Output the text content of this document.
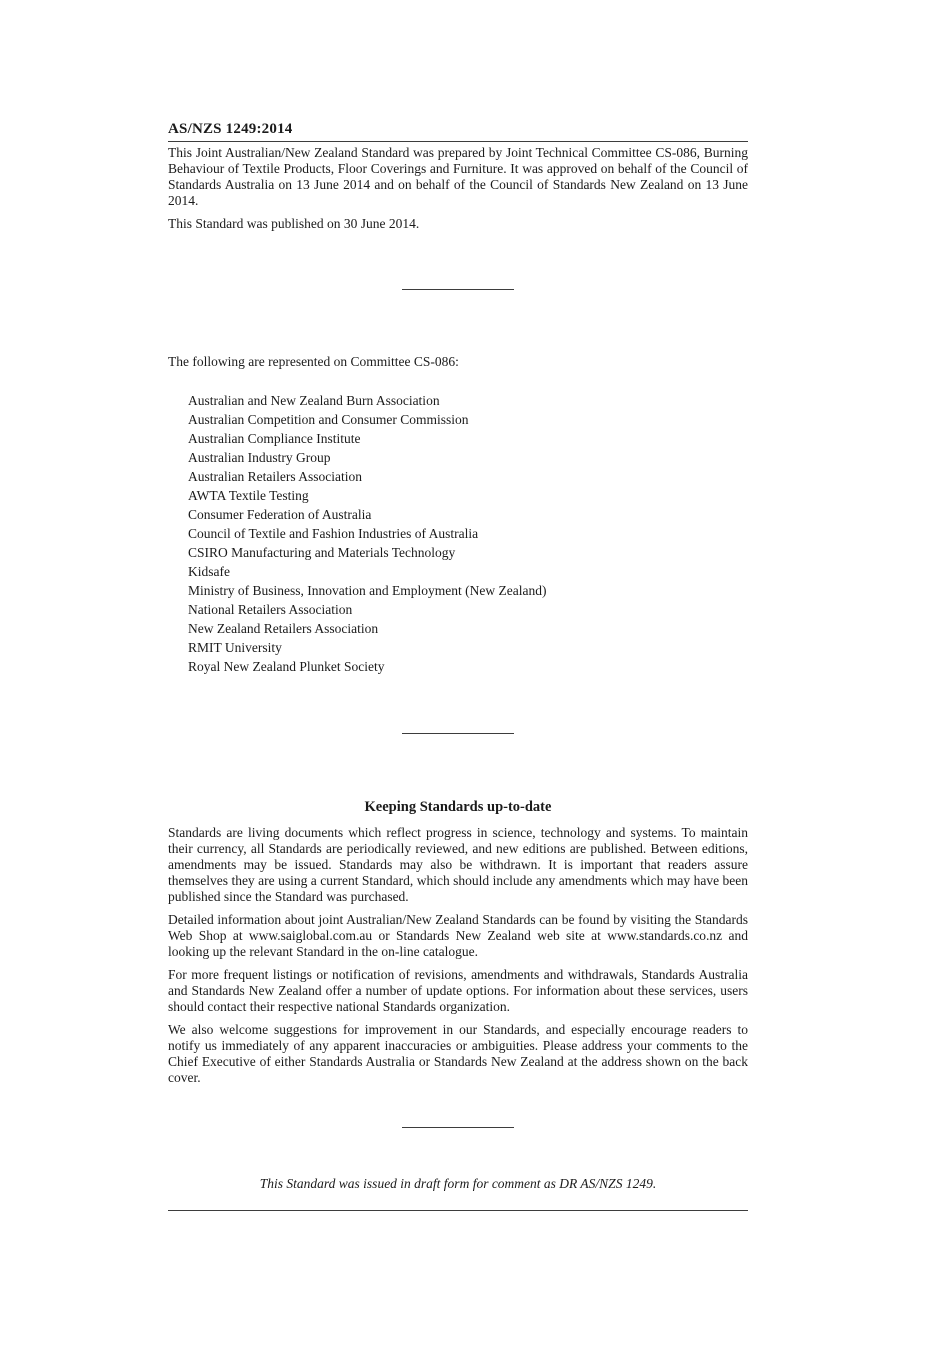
AS/NZS 1249:2014

This Joint Australian/New Zealand Standard was prepared by Joint Technical Committee CS-086, Burning Behaviour of Textile Products, Floor Coverings and Furniture. It was approved on behalf of the Council of Standards Australia on 13 June 2014 and on behalf of the Council of Standards New Zealand on 13 June 2014.

This Standard was published on 30 June 2014.

The following are represented on Committee CS-086:

Australian and New Zealand Burn Association
Australian Competition and Consumer Commission
Australian Compliance Institute
Australian Industry Group
Australian Retailers Association
AWTA Textile Testing
Consumer Federation of Australia
Council of Textile and Fashion Industries of Australia
CSIRO Manufacturing and Materials Technology
Kidsafe
Ministry of Business, Innovation and Employment (New Zealand)
National Retailers Association
New Zealand Retailers Association
RMIT University
Royal New Zealand Plunket Society
Keeping Standards up-to-date

Standards are living documents which reflect progress in science, technology and systems. To maintain their currency, all Standards are periodically reviewed, and new editions are published. Between editions, amendments may be issued. Standards may also be withdrawn. It is important that readers assure themselves they are using a current Standard, which should include any amendments which may have been published since the Standard was purchased.

Detailed information about joint Australian/New Zealand Standards can be found by visiting the Standards Web Shop at www.saiglobal.com.au or Standards New Zealand web site at www.standards.co.nz and looking up the relevant Standard in the on-line catalogue.

For more frequent listings or notification of revisions, amendments and withdrawals, Standards Australia and Standards New Zealand offer a number of update options. For information about these services, users should contact their respective national Standards organization.

We also welcome suggestions for improvement in our Standards, and especially encourage readers to notify us immediately of any apparent inaccuracies or ambiguities. Please address your comments to the Chief Executive of either Standards Australia or Standards New Zealand at the address shown on the back cover.

This Standard was issued in draft form for comment as DR AS/NZS 1249.
